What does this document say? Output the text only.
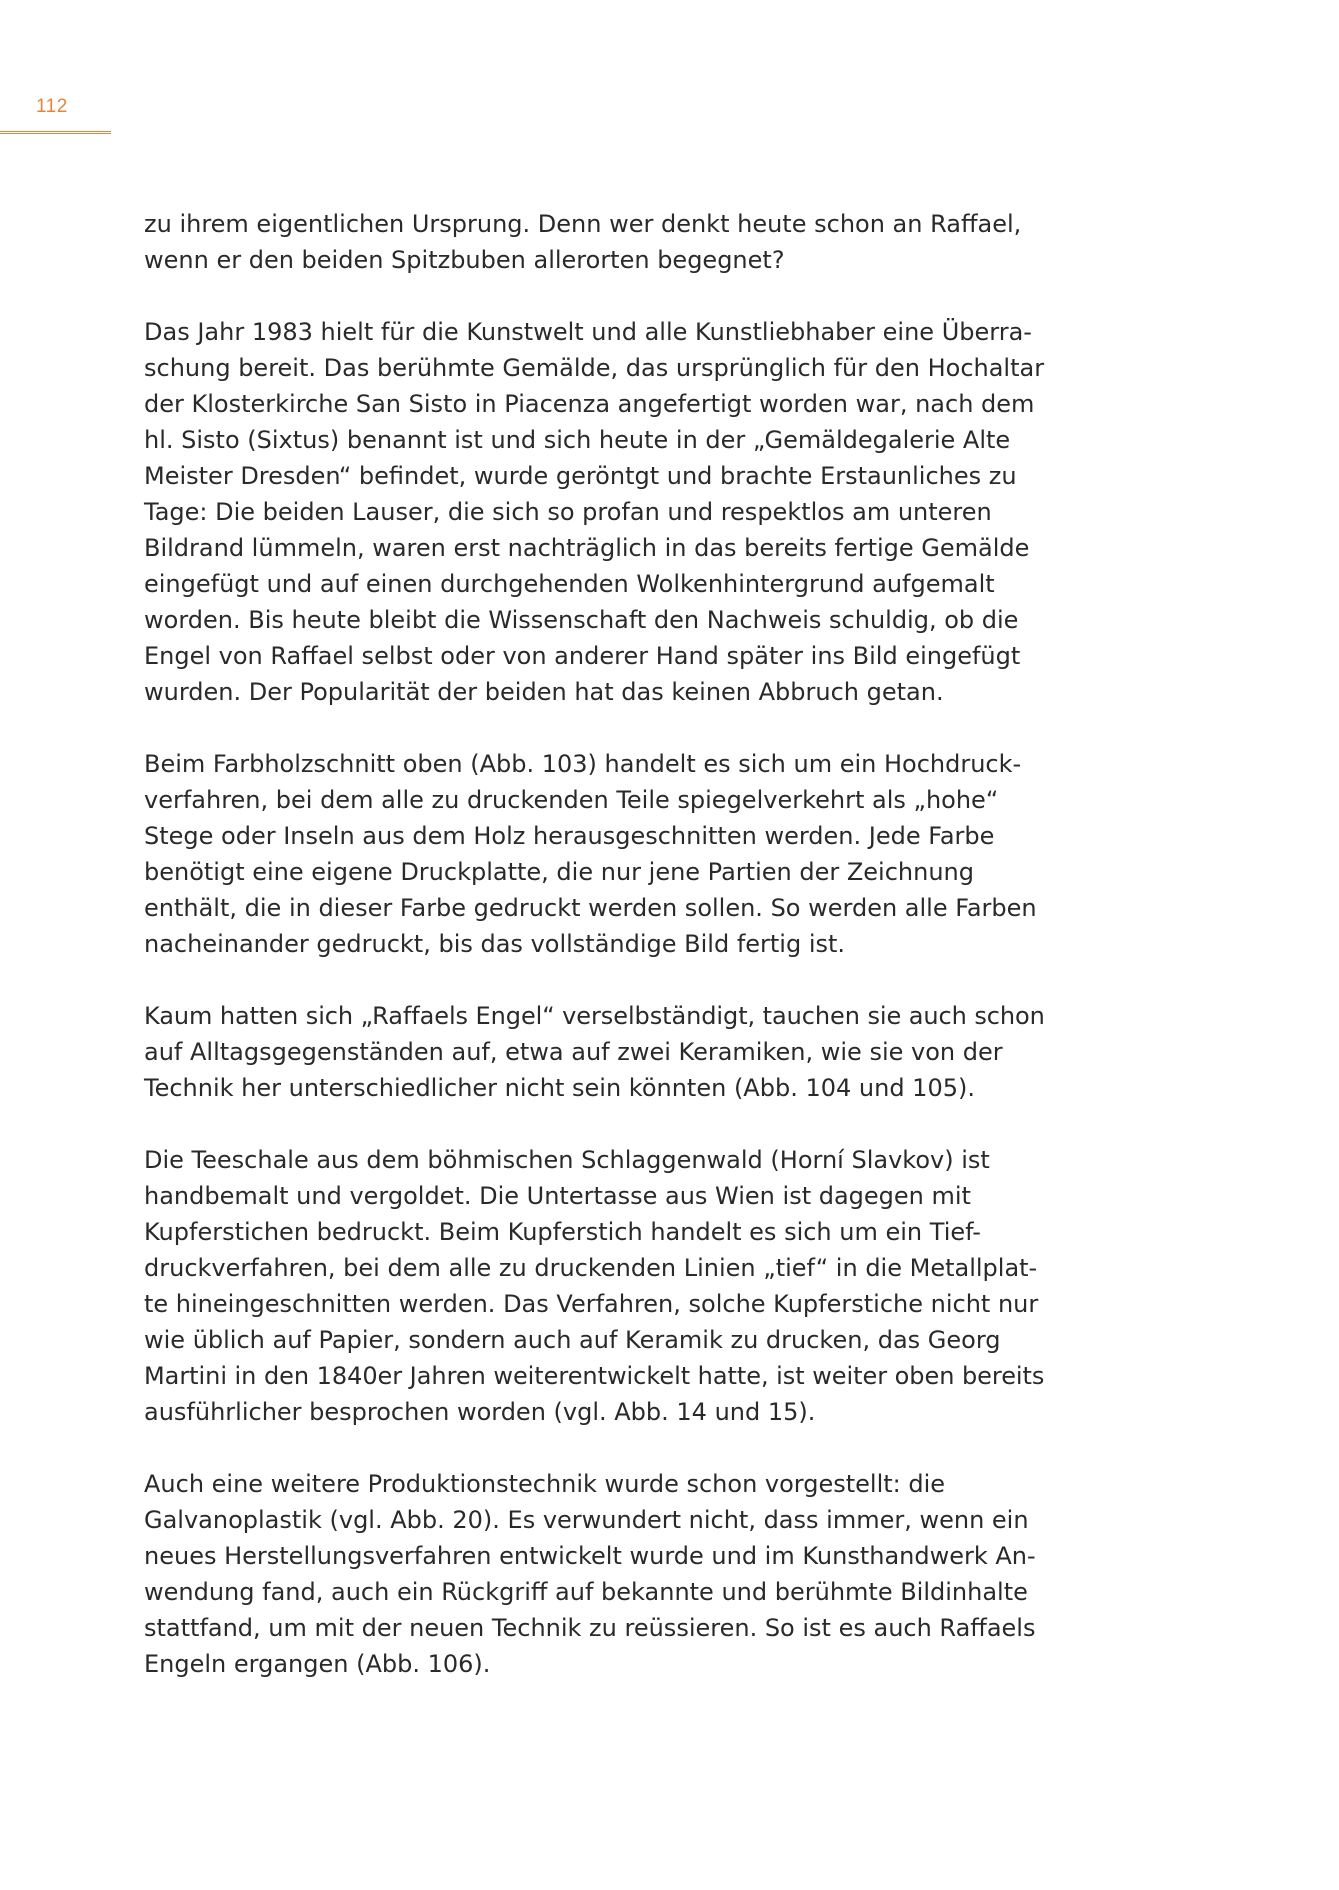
112

zu ihrem eigentlichen Ursprung. Denn wer denkt heute schon an Raffael,
wenn er den beiden Spitzbuben allerorten begegnet?

Das Jahr 1983 hielt für die Kunstwelt und alle Kunstliebhaber eine Überra-
schung bereit. Das berühmte Gemälde, das ursprünglich für den Hochaltar
der Klosterkirche San Sisto in Piacenza angefertigt worden war, nach dem
hl. Sisto (Sixtus) benannt ist und sich heute in der „Gemäldegalerie Alte
Meister Dresden“ befindet, wurde geröntgt und brachte Erstaunliches zu
Tage: Die beiden Lauser, die sich so profan und respektlos am unteren
Bildrand lümmeln, waren erst nachträglich in das bereits fertige Gemälde
eingefügt und auf einen durchgehenden Wolkenhintergrund aufgemalt
worden. Bis heute bleibt die Wissenschaft den Nachweis schuldig, ob die
Engel von Raffael selbst oder von anderer Hand später ins Bild eingefügt
wurden. Der Popularität der beiden hat das keinen Abbruch getan.

Beim Farbholzschnitt oben (Abb. 103) handelt es sich um ein Hochdruck-
verfahren, bei dem alle zu druckenden Teile spiegelverkehrt als „hohe“
Stege oder Inseln aus dem Holz herausgeschnitten werden. Jede Farbe
benötigt eine eigene Druckplatte, die nur jene Partien der Zeichnung
enthält, die in dieser Farbe gedruckt werden sollen. So werden alle Farben
nacheinander gedruckt, bis das vollständige Bild fertig ist.

Kaum hatten sich „Raffaels Engel“ verselbständigt, tauchen sie auch schon
auf Alltagsgegenständen auf, etwa auf zwei Keramiken, wie sie von der
Technik her unterschiedlicher nicht sein könnten (Abb. 104 und 105).

Die Teeschale aus dem böhmischen Schlaggenwald (Horní Slavkov) ist
handbemalt und vergoldet. Die Untertasse aus Wien ist dagegen mit
Kupferstichen bedruckt. Beim Kupferstich handelt es sich um ein Tief-
druckverfahren, bei dem alle zu druckenden Linien „tief“ in die Metallplat-
te hineingeschnitten werden. Das Verfahren, solche Kupferstiche nicht nur
wie üblich auf Papier, sondern auch auf Keramik zu drucken, das Georg
Martini in den 1840er Jahren weiterentwickelt hatte, ist weiter oben bereits
ausführlicher besprochen worden (vgl. Abb. 14 und 15).

Auch eine weitere Produktionstechnik wurde schon vorgestellt: die
Galvanoplastik (vgl. Abb. 20). Es verwundert nicht, dass immer, wenn ein
neues Herstellungsverfahren entwickelt wurde und im Kunsthandwerk An-
wendung fand, auch ein Rückgriff auf bekannte und berühmte Bildinhalte
stattfand, um mit der neuen Technik zu reüssieren. So ist es auch Raffaels
Engeln ergangen (Abb. 106).
